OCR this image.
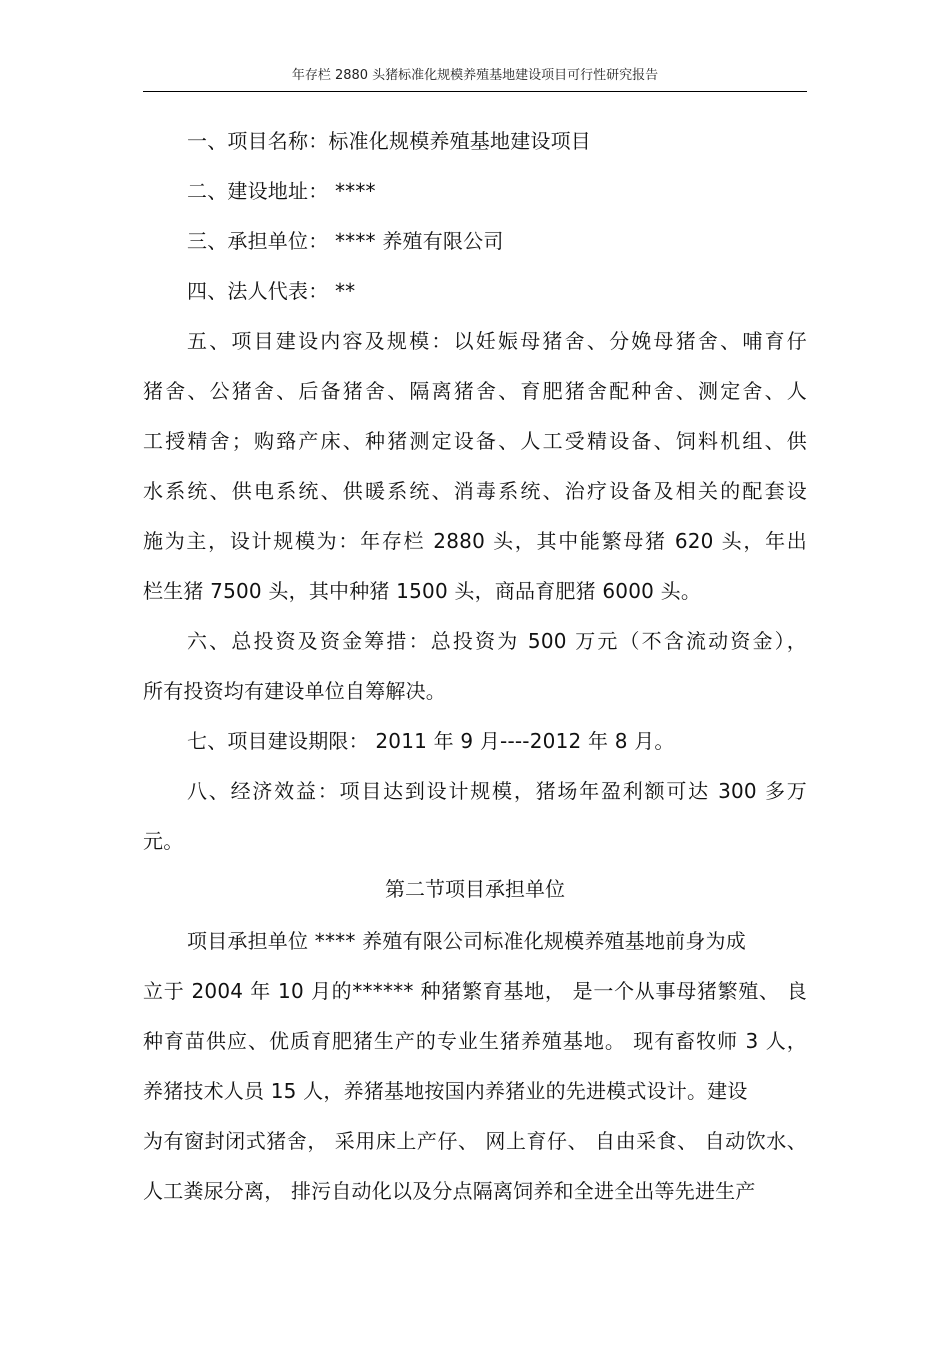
年存栏 2880 头猪标准化规模养殖基地建设项目可行性研究报告
一、项目名称：标准化规模养殖基地建设项目
二、建设地址： ****
三、承担单位： **** 养殖有限公司
四、法人代表： **
五、项目建设内容及规模：以妊娠母猪舍、分娩母猪舍、哺育仔
猪舍、公猪舍、后备猪舍、隔离猪舍、育肥猪舍配种舍、测定舍、人
工授精舍；购臵产床、种猪测定设备、人工受精设备、饲料机组、供
水系统、供电系统、供暖系统、消毒系统、治疗设备及相关的配套设
施为主，设计规模为：年存栏 2880 头，其中能繁母猪 620 头，年出
栏生猪 7500 头，其中种猪 1500 头，商品育肥猪 6000 头。
六、总投资及资金筹措：总投资为 500 万元（不含流动资金），
所有投资均有建设单位自筹解决。
七、项目建设期限： 2011 年 9 月----2012 年 8 月。
八、经济效益：项目达到设计规模，猪场年盈利额可达 300 多万
元。
第二节项目承担单位
项目承担单位 **** 养殖有限公司标准化规模养殖基地前身为成
立于 2004 年 10 月的****** 种猪繁育基地， 是一个从事母猪繁殖、 良
种育苗供应、优质育肥猪生产的专业生猪养殖基地。 现有畜牧师 3 人，
养猪技术人员 15 人，养猪基地按国内养猪业的先进模式设计。建设
为有窗封闭式猪舍， 采用床上产仔、 网上育仔、 自由采食、 自动饮水、
人工粪尿分离， 排污自动化以及分点隔离饲养和全进全出等先进生产
